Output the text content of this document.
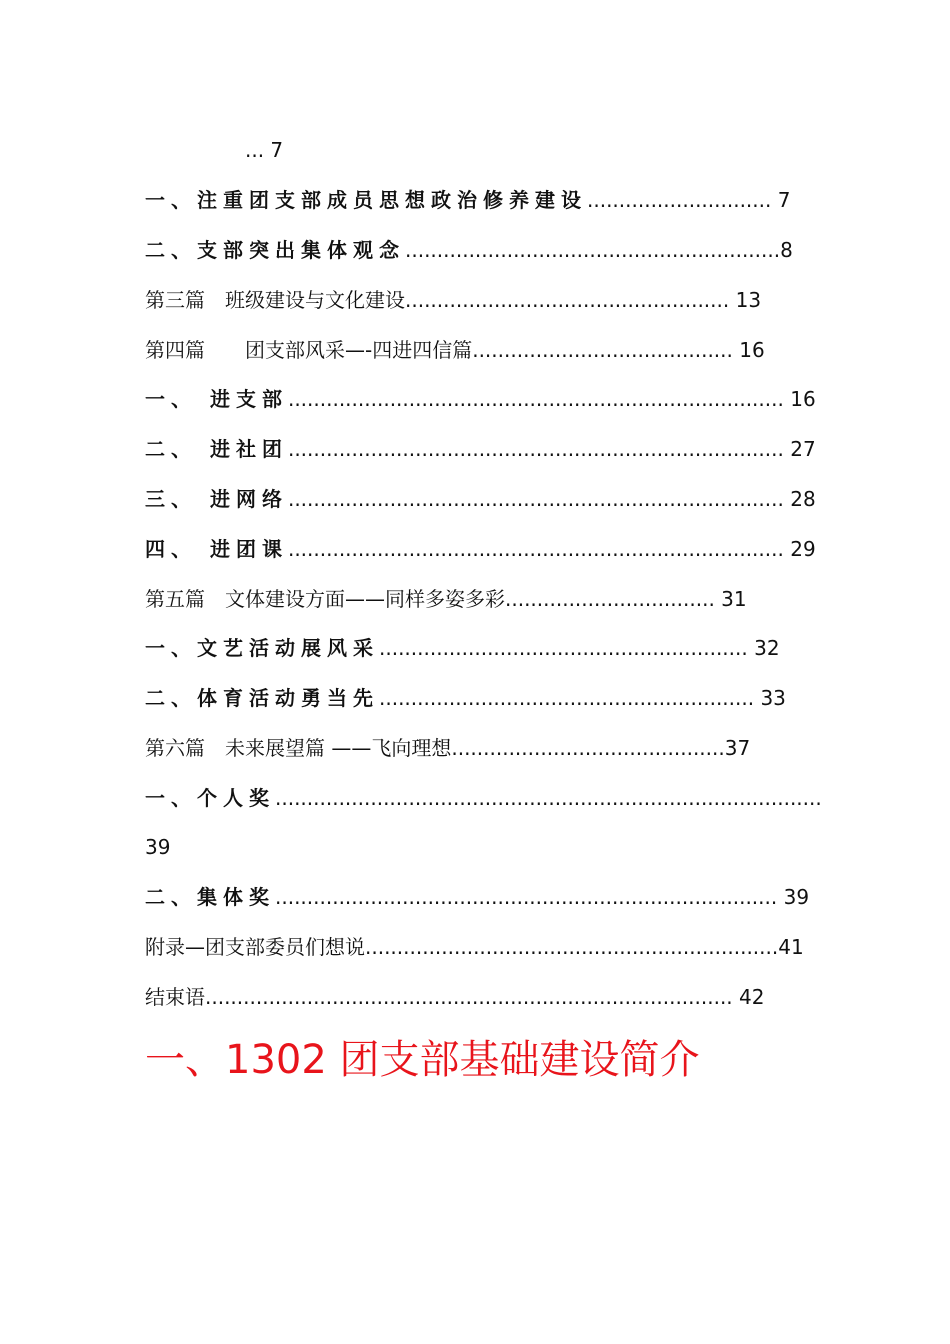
... 7
一、注重团支部成员思想政治修养建设............................. 7
二、支部突出集体观念...........................................................8
第三篇　班级建设与文化建设................................................... 13
第四篇　　团支部风采—-四进四信篇......................................... 16
一、 进支部.............................................................................. 16
二、 进社团.............................................................................. 27
三、 进网络.............................................................................. 28
四、 进团课.............................................................................. 29
第五篇　文体建设方面——同样多姿多彩................................. 31
一、文艺活动展风采.......................................................... 32
二、体育活动勇当先........................................................... 33
第六篇　未来展望篇 ——飞向理想...........................................37
一、个人奖......................................................................................
39
二、集体奖............................................................................... 39
附录—团支部委员们想说.................................................................41
结束语................................................................................... 42
一、1302 团支部基础建设简介
